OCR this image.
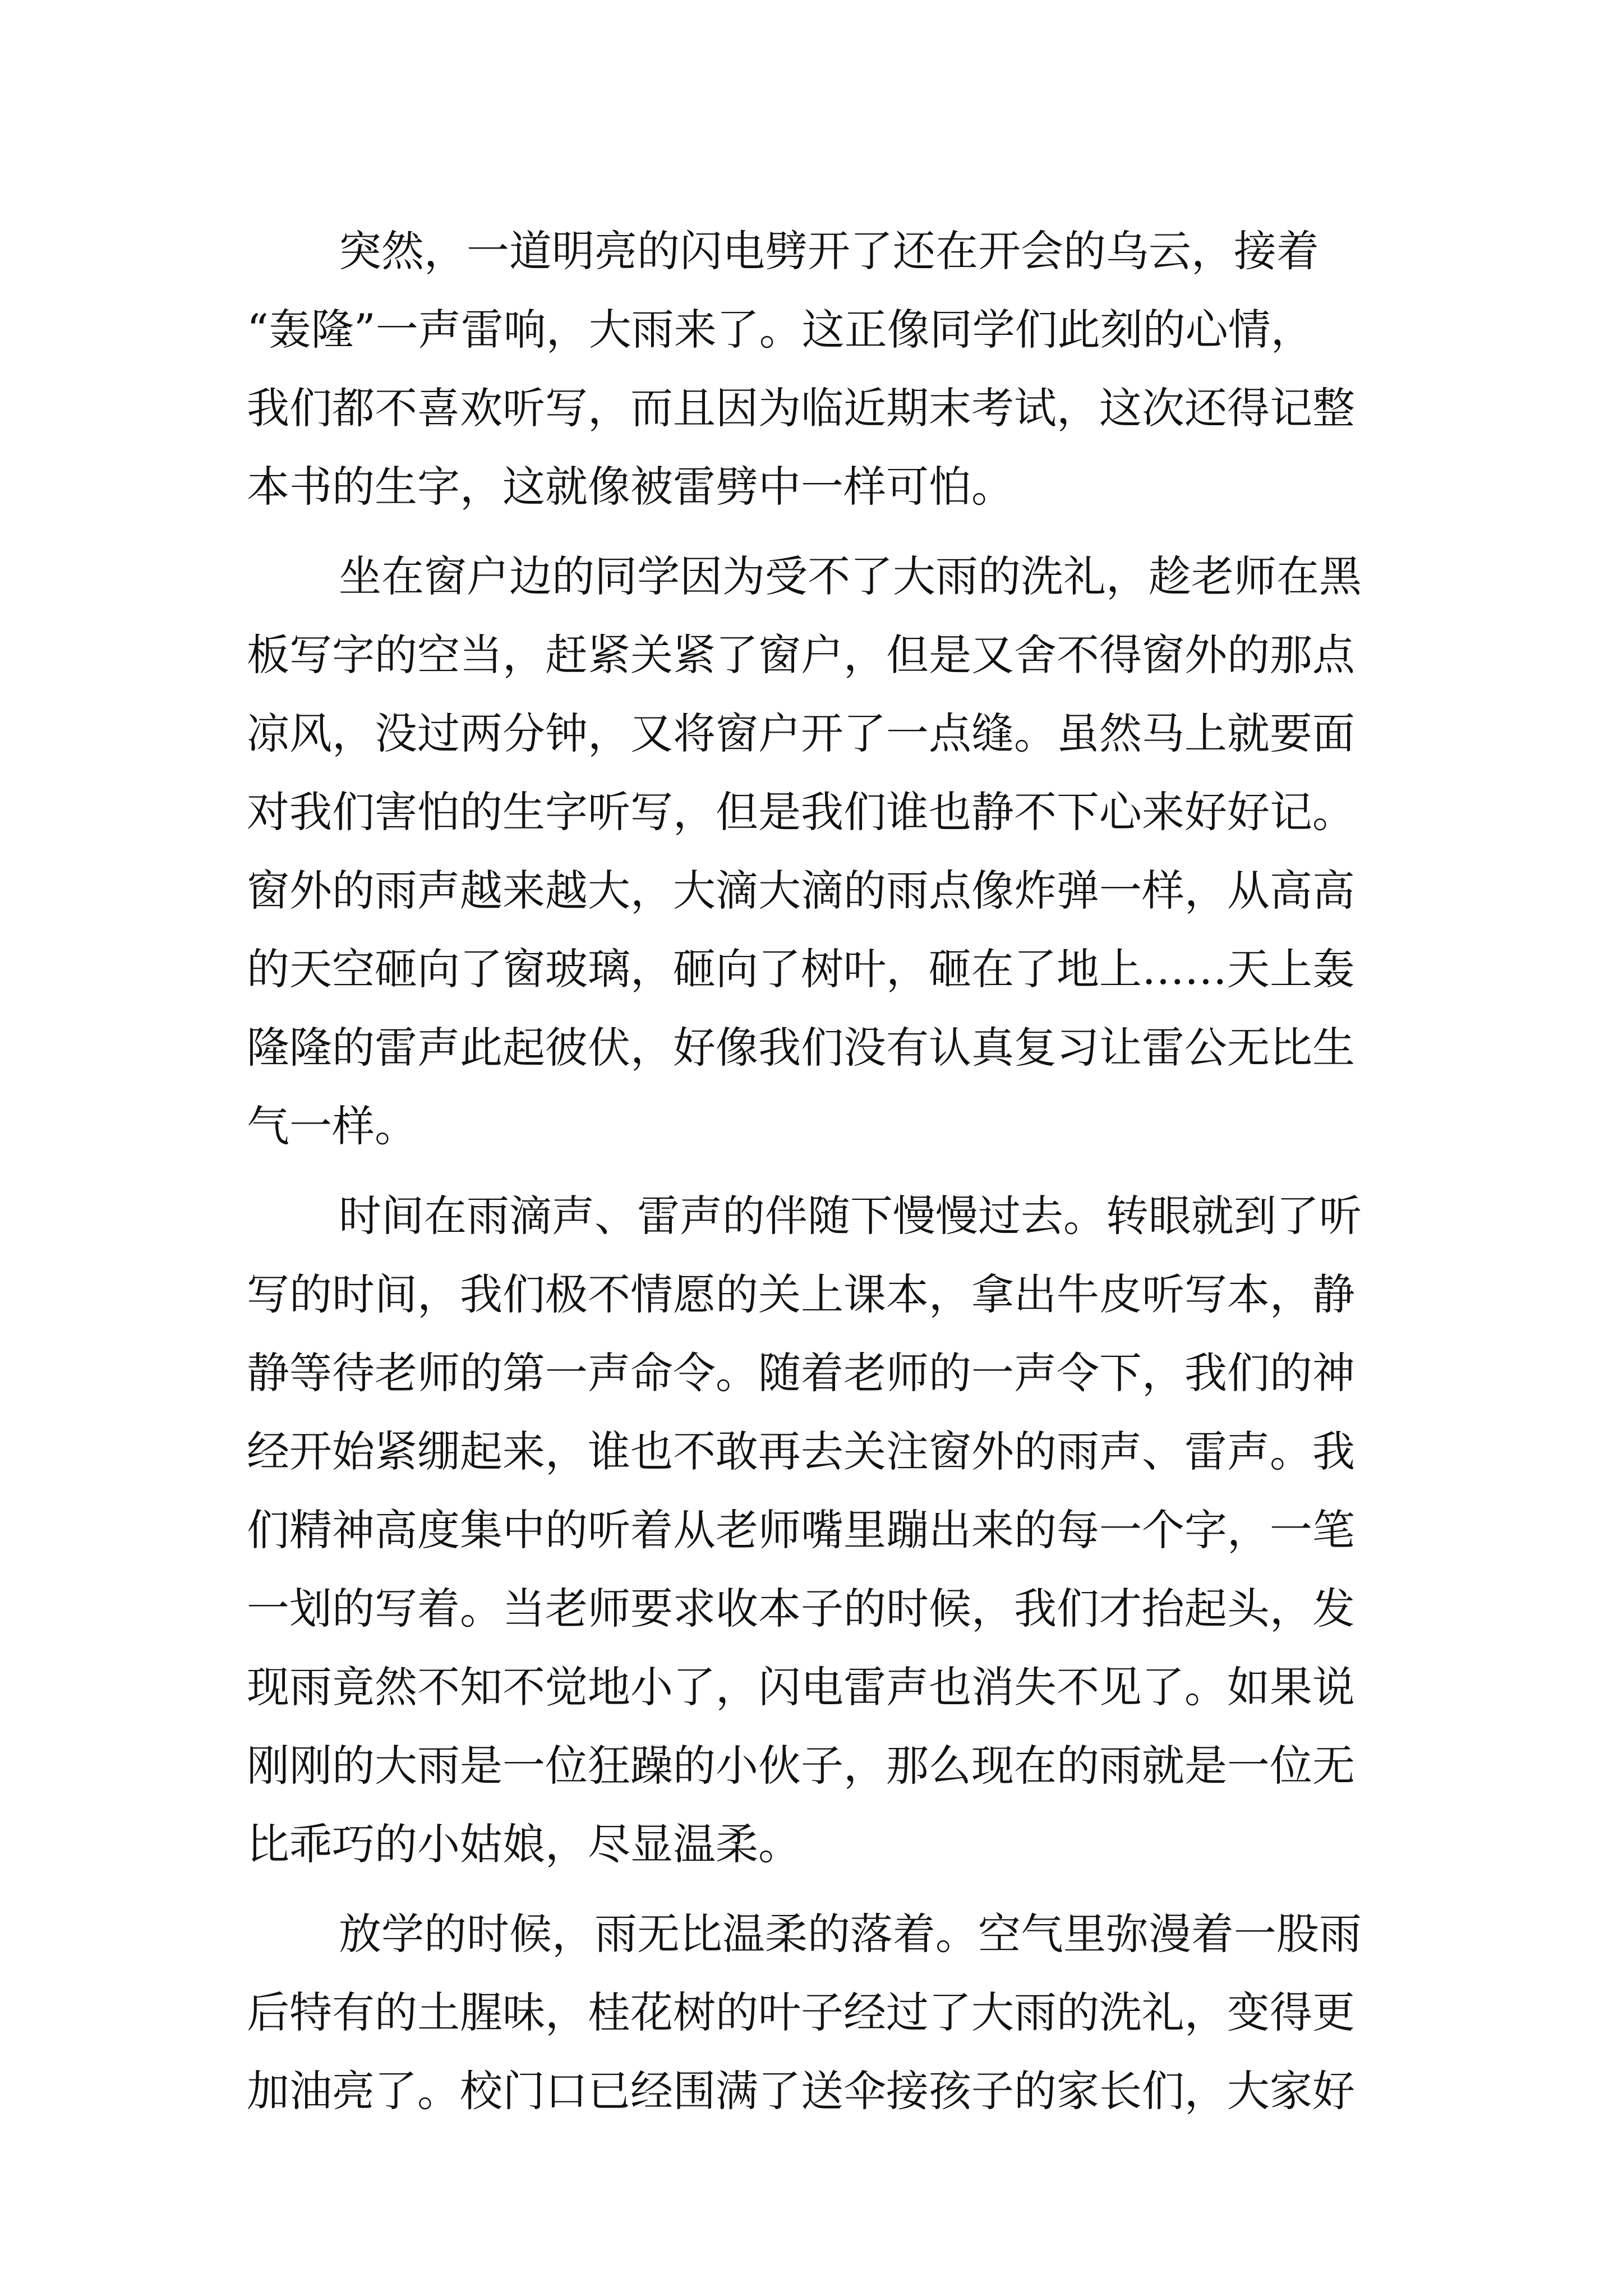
突然，一道明亮的闪电劈开了还在开会的乌云，接着
“轰隆”一声雷响，大雨来了。这正像同学们此刻的心情，
我们都不喜欢听写，而且因为临近期末考试，这次还得记整
本书的生字，这就像被雷劈中一样可怕。
坐在窗户边的同学因为受不了大雨的洗礼，趁老师在黑
板写字的空当，赶紧关紧了窗户，但是又舍不得窗外的那点
凉风，没过两分钟，又将窗户开了一点缝。虽然马上就要面
对我们害怕的生字听写，但是我们谁也静不下心来好好记。
窗外的雨声越来越大，大滴大滴的雨点像炸弹一样，从高高
的天空砸向了窗玻璃，砸向了树叶，砸在了地上……天上轰
隆隆的雷声此起彼伏，好像我们没有认真复习让雷公无比生
气一样。
时间在雨滴声、雷声的伴随下慢慢过去。转眼就到了听
写的时间，我们极不情愿的关上课本，拿出牛皮听写本，静
静等待老师的第一声命令。随着老师的一声令下，我们的神
经开始紧绷起来，谁也不敢再去关注窗外的雨声、雷声。我
们精神高度集中的听着从老师嘴里蹦出来的每一个字，一笔
一划的写着。当老师要求收本子的时候，我们才抬起头，发
现雨竟然不知不觉地小了，闪电雷声也消失不见了。如果说
刚刚的大雨是一位狂躁的小伙子，那么现在的雨就是一位无
比乖巧的小姑娘，尽显温柔。
放学的时候，雨无比温柔的落着。空气里弥漫着一股雨
后特有的土腥味，桂花树的叶子经过了大雨的洗礼，变得更
加油亮了。校门口已经围满了送伞接孩子的家长们，大家好
